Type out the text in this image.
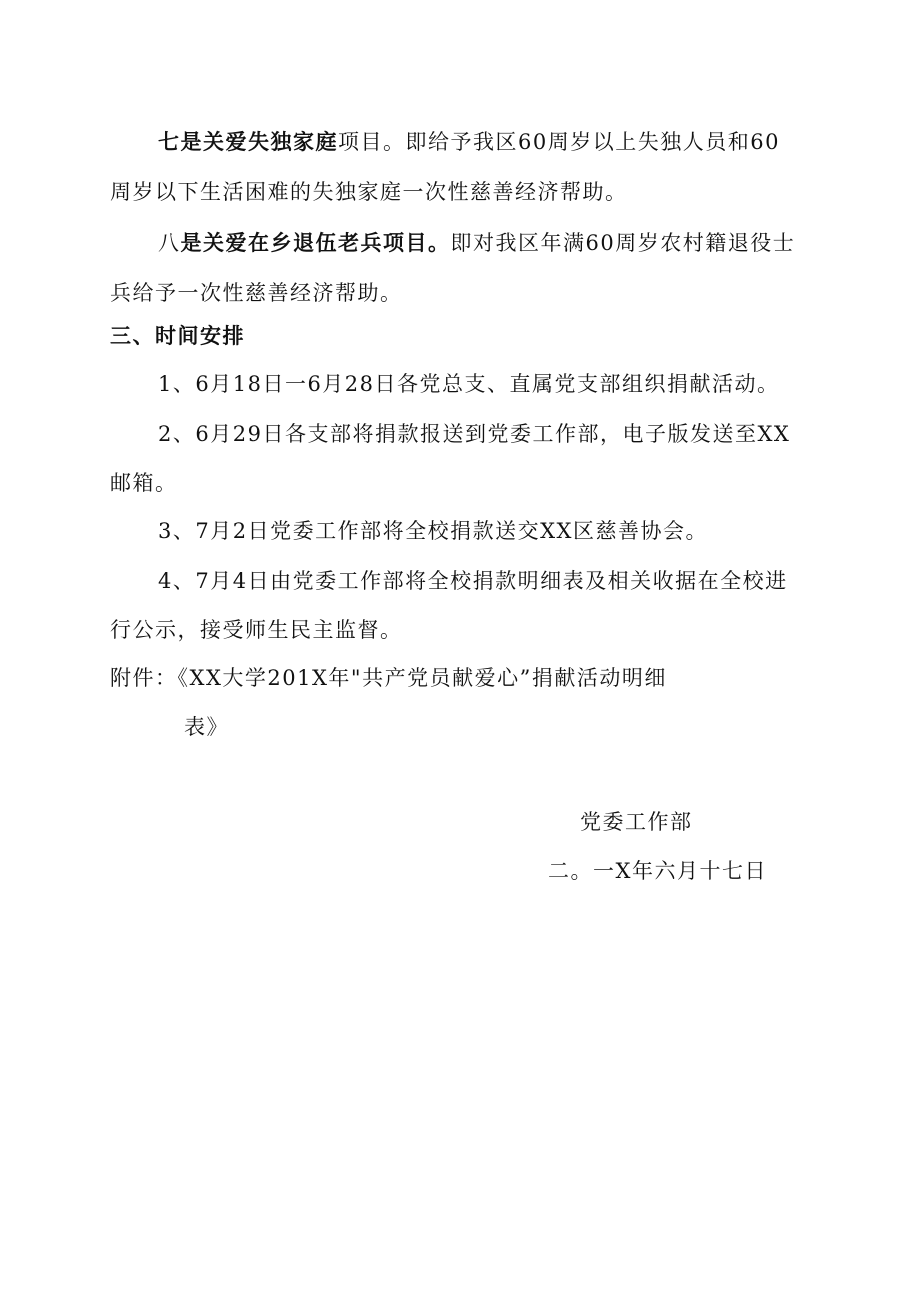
七是关爱失独家庭项目。即给予我区60周岁以上失独人员和60
周岁以下生活困难的失独家庭一次性慈善经济帮助。
八是关爱在乡退伍老兵项目。即对我区年满60周岁农村籍退役士
兵给予一次性慈善经济帮助。
三、时间安排
1、6月18日一6月28日各党总支、直属党支部组织捐献活动。
2、6月29日各支部将捐款报送到党委工作部，电子版发送至XX
邮箱。
3、7月2日党委工作部将全校捐款送交XX区慈善协会。
4、7月4日由党委工作部将全校捐款明细表及相关收据在全校进
行公示，接受师生民主监督。
附件：《XX大学201X年"共产党员献爱心”捐献活动明细
表》
党委工作部
二。一X年六月十七日
